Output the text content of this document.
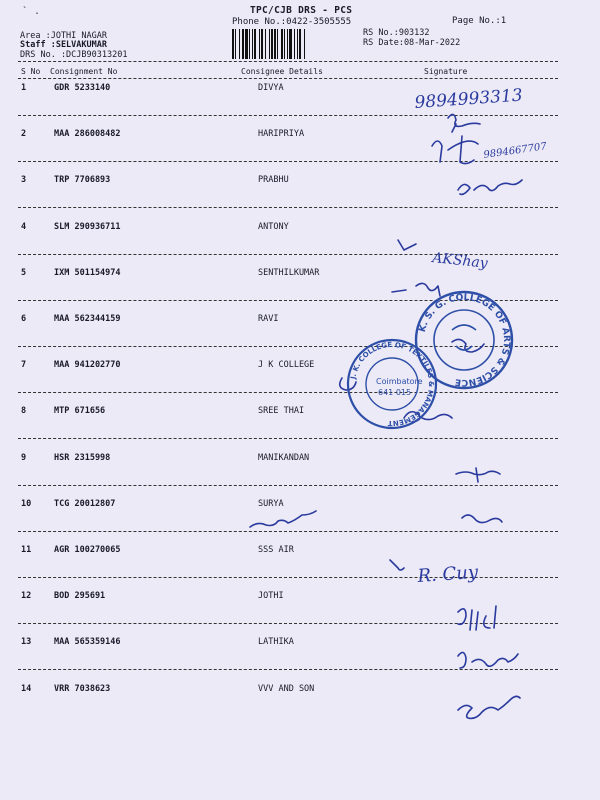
` .	TPC/CJB DRS - PCS
Phone No.:0422-3505555	Page No.:1
RS No.:903132
RS Date:08-Mar-2022
Area :JOTHI NAGAR
Staff :SELVAKUMAR
DRS No. :DCJB90313201
S No Consignment No	Consignee Details	Signature
1	GDR 5233140	DIVYA
2	MAA 286008482	HARIPRIYA
3	TRP 7706893	PRABHU
4	SLM 290936711	ANTONY
5	IXM 501154974	SENTHILKUMAR
6	MAA 562344159	RAVI
7	MAA 941202770	J K COLLEGE
8	MTP 671656	SREE THAI
9	HSR 2315998	MANIKANDAN
10	TCG 20012807	SURYA
11	AGR 100270065	SSS AIR
12	BOD 295691	JOTHI
13	MAA 565359146	LATHIKA
14	VRR 7038623	VVV AND SON
9894993313
9894667707
AKShay
R. Cuy
K. S. G. COLLEGE OF ARTS & SCIENCE
J. K. COLLEGE OF TEXTILES & MANAGEMENT
Coimbatore
641 015
